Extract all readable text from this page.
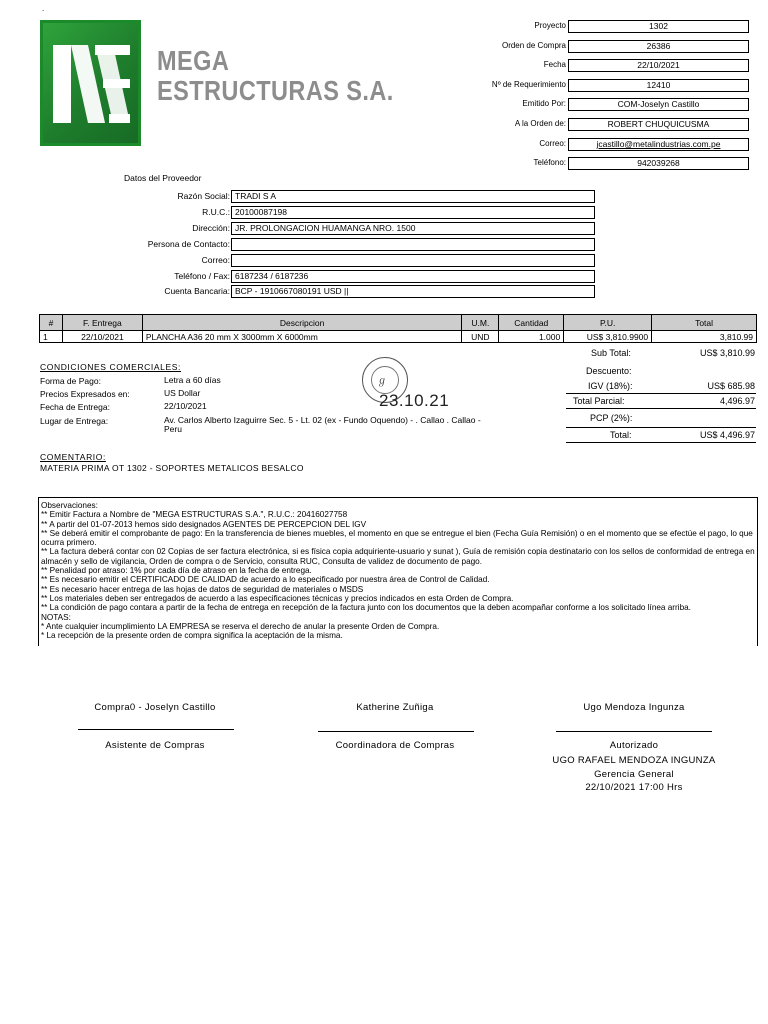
.
MEGA
ESTRUCTURAS S.A.
Proyecto	1302
Orden de Compra	26386
Fecha	22/10/2021
Nº de Requerimiento	12410
Emitido Por:	COM-Joselyn Castillo
A la Orden de:	ROBERT CHUQUICUSMA
Correo:	jcastillo@metalindustrias.com.pe
Teléfono:	942039268
Datos del Proveedor
Razón Social: TRADI S A
R.U.C.: 20100087198
Dirección: JR. PROLONGACION HUAMANGA NRO. 1500
Persona de Contacto:
Correo:
Teléfono / Fax: 6187234 / 6187236
Cuenta Bancaria: BCP - 1910667080191 USD ||
#	F. Entrega	Descripcion	U.M.	Cantidad	P.U.	Total
1	22/10/2021	PLANCHA A36 20 mm X 3000mm X 6000mm	UND	1.000	US$ 3,810.9900	3,810.99
Sub Total:	US$ 3,810.99
Descuento:
IGV (18%):	US$ 685.98
Total Parcial:	4,496.97
PCP (2%):
Total:	US$ 4,496.97
CONDICIONES COMERCIALES:
Forma de Pago:	Letra a 60 días
Precios Expresados en:	US Dollar
Fecha de Entrega:	22/10/2021
Lugar de Entrega:	Av. Carlos Alberto Izaguirre Sec. 5 - Lt. 02 (ex - Fundo Oquendo) - . Callao . Callao - Peru
ℊ
23.10.21
COMENTARIO:
MATERIA PRIMA OT 1302 - SOPORTES METALICOS BESALCO
Observaciones:
** Emitir Factura a Nombre de "MEGA ESTRUCTURAS S.A.", R.U.C.: 20416027758
** A partir del 01-07-2013 hemos sido designados AGENTES DE PERCEPCION DEL IGV
** Se deberá emitir el comprobante de pago: En la transferencia de bienes muebles, el momento en que se entregue el bien (Fecha Guía Remisión) o en el momento que se efectúe el pago, lo que ocurra primero.
** La factura deberá contar con 02 Copias de ser factura electrónica, si es física copia adquiriente-usuario y sunat ), Guía de remisión copia destinatario con los sellos de conformidad de entrega en almacén y sello de vigilancia, Orden de compra o de Servicio, consulta RUC, Consulta de validez de documento de pago.
** Penalidad por atraso: 1% por cada día de atraso en la fecha de entrega.
** Es necesario emitir el CERTIFICADO DE CALIDAD de acuerdo a lo especificado por nuestra área de Control de Calidad.
** Es necesario hacer entrega de las hojas de datos de seguridad de materiales o MSDS
** Los materiales deben ser entregados de acuerdo a las especificaciones técnicas y precios indicados en esta Orden de Compra.
** La condición de pago contara a partir de la fecha de entrega en recepción de la factura junto con los documentos que la deben acompañar conforme a los solicitado línea arriba.
NOTAS:
* Ante cualquier incumplimiento LA EMPRESA se reserva el derecho de anular la presente Orden de Compra.
* La recepción de la presente orden de compra significa la aceptación de la misma.
Compra0 - Joselyn Castillo
Asistente de Compras
Katherine Zuñiga
Coordinadora de Compras
Ugo Mendoza Ingunza
Autorizado
UGO RAFAEL MENDOZA INGUNZA
Gerencia General
22/10/2021 17:00 Hrs
